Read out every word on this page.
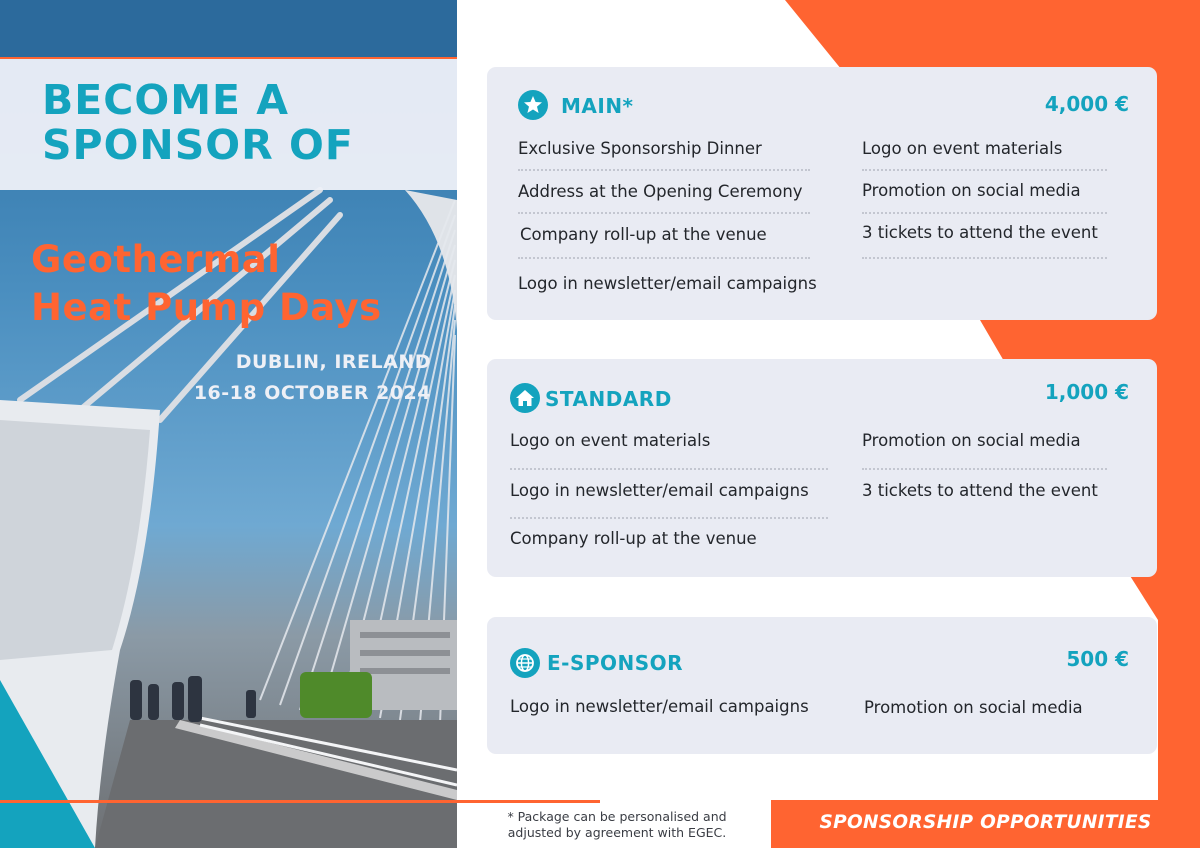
BECOME A
SPONSOR OF
Geothermal
Heat Pump Days
DUBLIN, IRELAND
16-18 OCTOBER 2024
MAIN*	4,000 €
Exclusive Sponsorship Dinner
Address at the Opening Ceremony
Company roll-up at the venue
Logo in newsletter/email campaigns
Logo on event materials
Promotion on social media
3 tickets to attend the event
STANDARD	1,000 €
Logo on event materials
Logo in newsletter/email campaigns
Company roll-up at the venue
Promotion on social media
3 tickets to attend the event
E-SPONSOR	500 €
Logo in newsletter/email campaigns	Promotion on social media
* Package can be personalised and
adjusted by agreement with EGEC.	SPONSORSHIP OPPORTUNITIES
